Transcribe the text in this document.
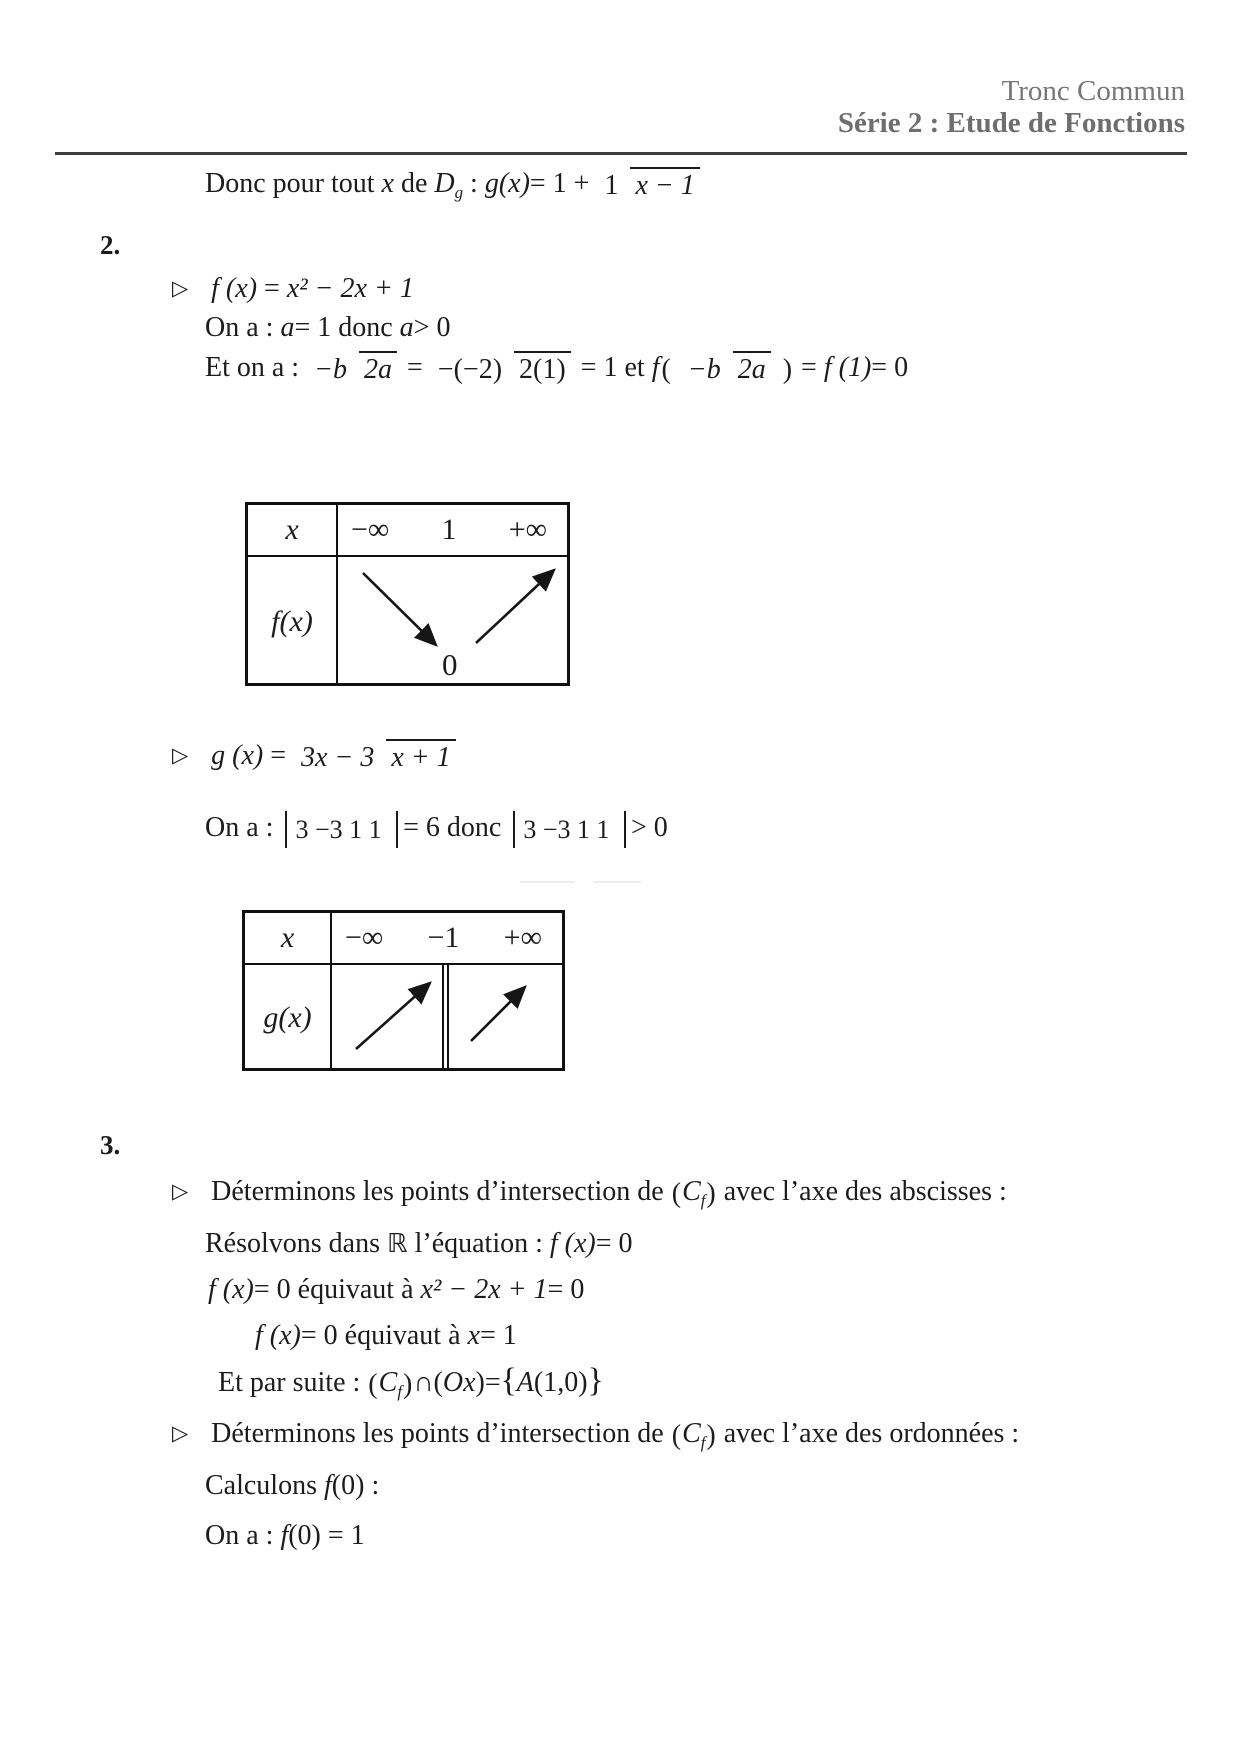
Tronc Commun
Série 2 : Etude de Fonctions
Donc pour tout x de $D_g$ : g(x)= 1 + 1 x − 1
2.
▷ f (x) = x² − 2x + 1
On a : a= 1 donc a> 0
Et on a : −b 2a = −(−2) 2(1) = 1 et f( −b 2a ) = f (1)= 0
x	−∞ 1 +∞
f(x)
0
▷ g (x) = 3x − 3 x + 1
On a : 3 −3 1 1 = 6 donc 3 −3 1 1 > 0
x	−∞ −1 +∞
g(x)
3.
▷ Déterminons les points d’intersection de $(C_f)$ avec l’axe des abscisses :
Résolvons dans ℝ l’équation : f (x)= 0
f (x)= 0 équivaut à x² − 2x + 1= 0
f (x)= 0 équivaut à x= 1
Et par suite : $(C_f)\cap(Ox)=\{A(1,0)\}$
▷ Déterminons les points d’intersection de $(C_f)$ avec l’axe des ordonnées :
Calculons f(0) :
On a : f(0) = 1
